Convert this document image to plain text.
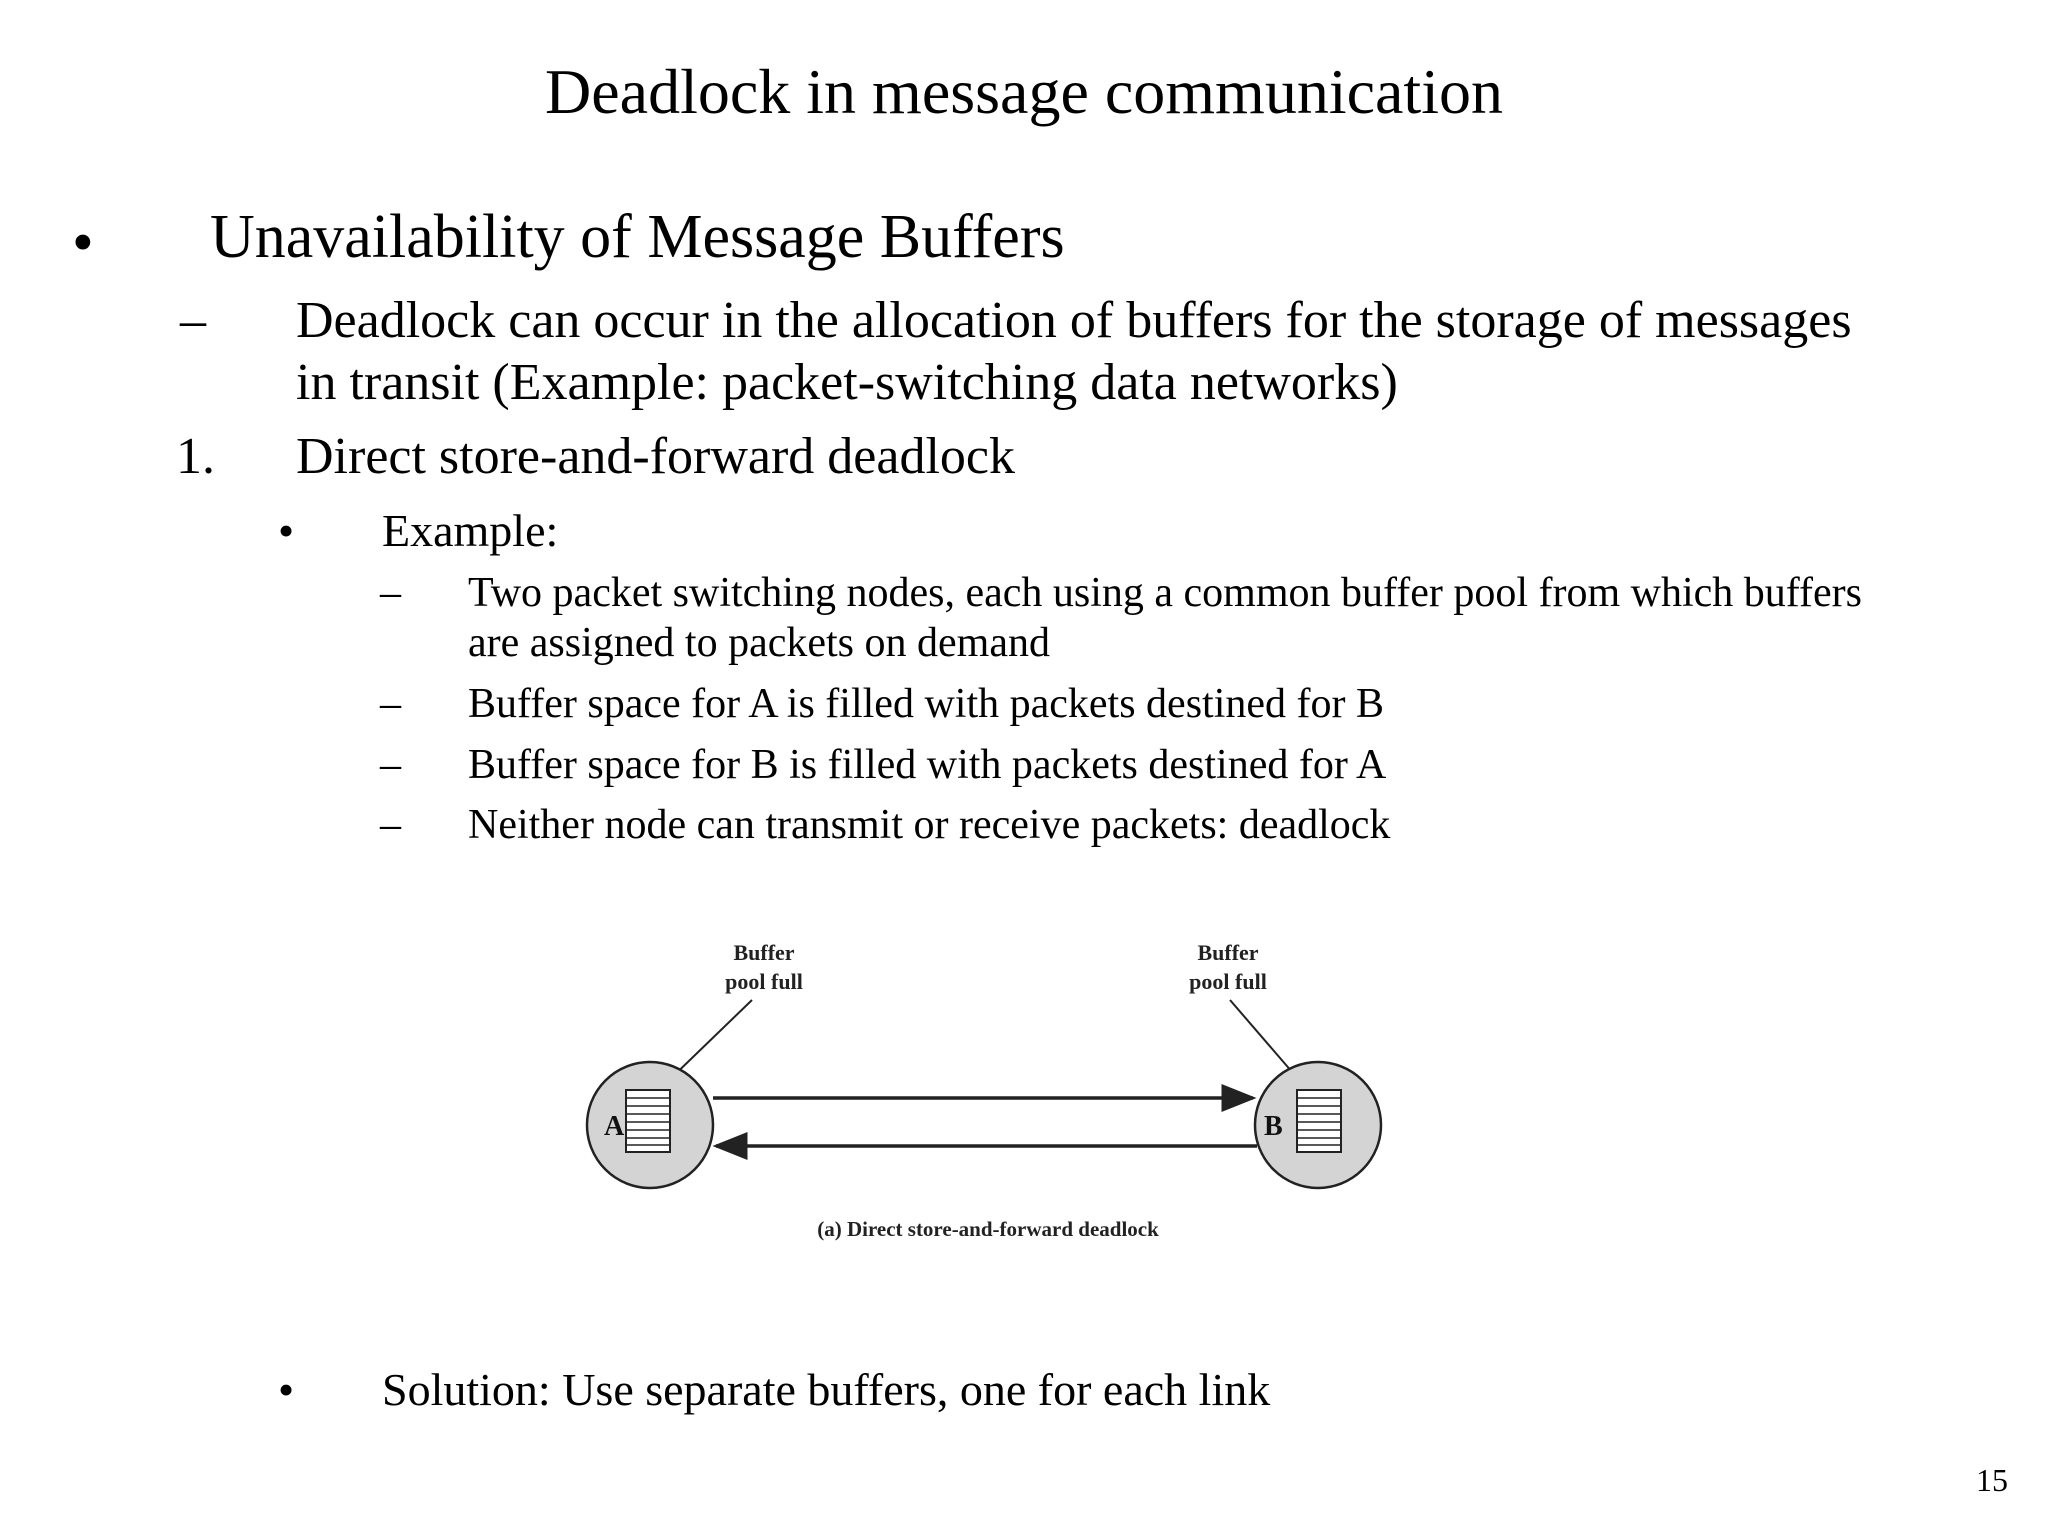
Deadlock in message communication
• Unavailability of Message Buffers
– Deadlock can occur in the allocation of buffers for the storage of messages
in transit (Example: packet-switching data networks)
1. Direct store-and-forward deadlock
• Example:
– Two packet switching nodes, each using a common buffer pool from which buffers
are assigned to packets on demand
– Buffer space for A is filled with packets destined for B
– Buffer space for B is filled with packets destined for A
– Neither node can transmit or receive packets: deadlock
Buffer
pool full
Buffer
pool full
A	B
(a) Direct store-and-forward deadlock
• Solution: Use separate buffers, one for each link
15
